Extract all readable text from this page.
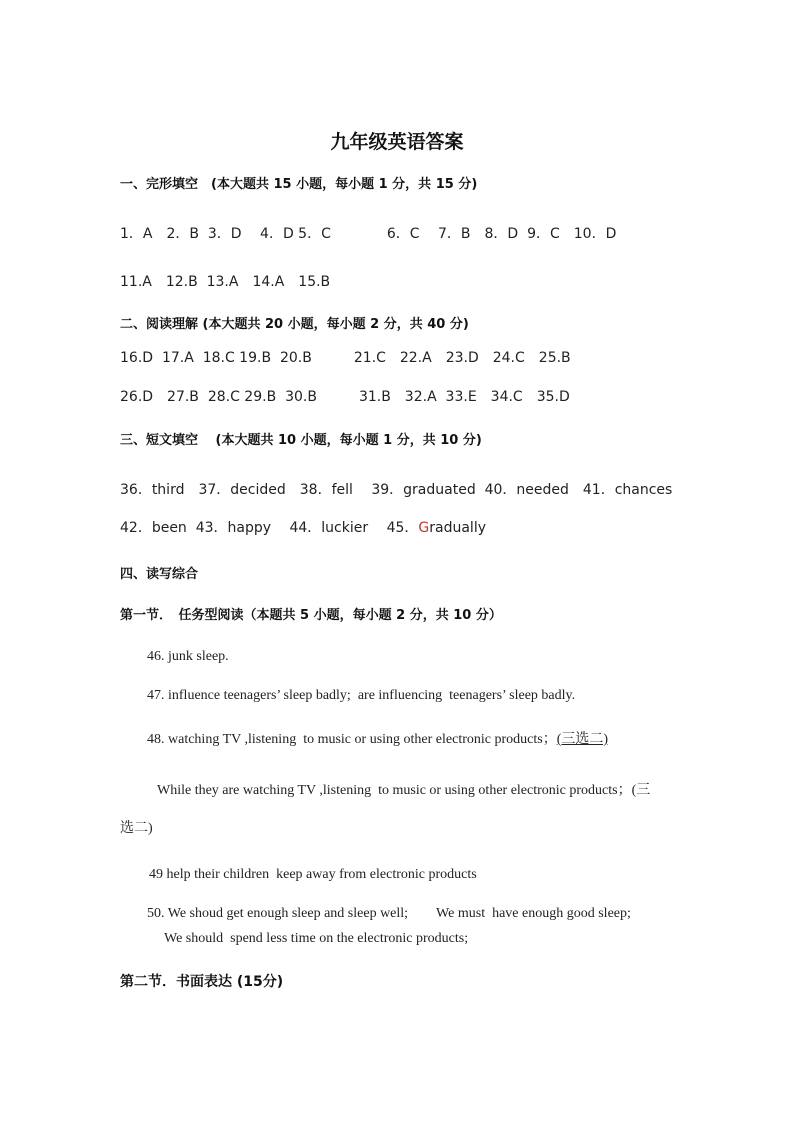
九年级英语答案
一、完形填空　(本大题共 15 小题，每小题 1 分，共 15 分)
1．A　2．B  3．D　 4．D 5．C　　　　6．C　 7．B　8．D  9．C　10．D
11.A　12.B  13.A　14.A　15.B
二、阅读理解 (本大题共 20 小题，每小题 2 分，共 40 分)
16.D  17.A  18.C 19.B  20.B　　　21.C　22.A　23.D　24.C　25.B
26.D　27.B  28.C 29.B  30.B　　　31.B　32.A  33.E　34.C　35.D
三、短文填空　 (本大题共 10 小题，每小题 1 分，共 10 分)
36．third　37．decided　38．fell　 39．graduated  40．needed　41．chances
42．been  43．happy　 44．luckier　 45．Gradually
四、读写综合
第一节．　任务型阅读（本题共 5 小题，每小题 2 分，共 10 分）
46. junk sleep.
47. influence teenagers’ sleep badly;  are influencing  teenagers’ sleep badly.
48. watching TV ,listening  to music or using other electronic products；(三选二)
While they are watching TV ,listening  to music or using other electronic products；(三
选二)
49 help their children  keep away from electronic products
50. We shoud get enough sleep and sleep well;　　We must  have enough good sleep;
We should  spend less time on the electronic products;
第二节．书面表达 (15分)
